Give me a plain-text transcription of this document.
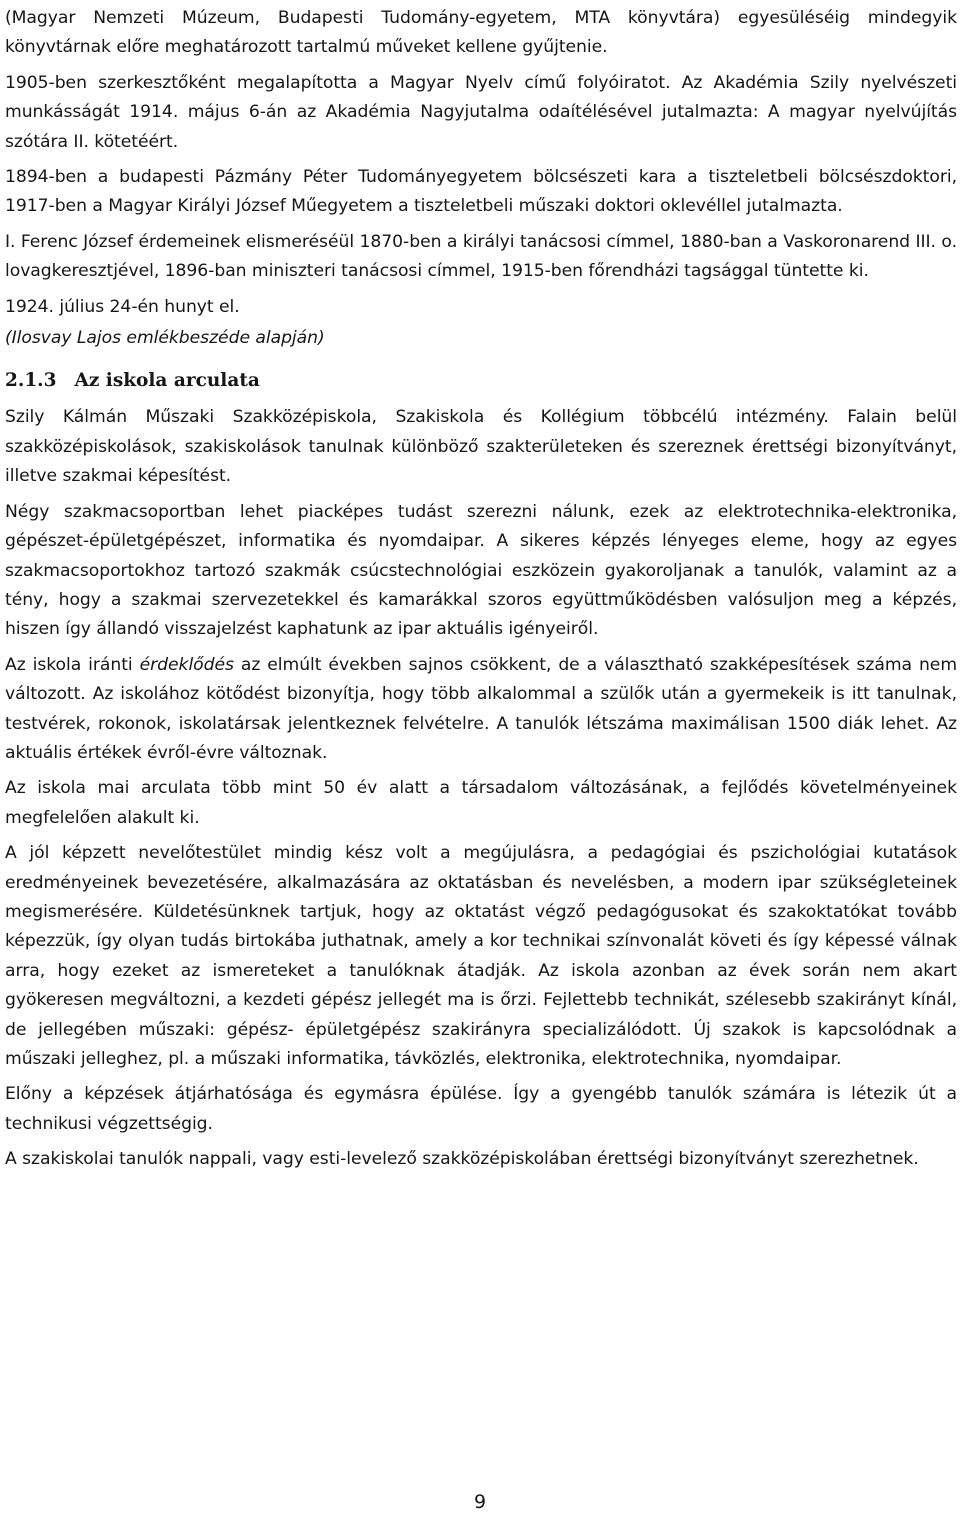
(Magyar Nemzeti Múzeum, Budapesti Tudomány-egyetem, MTA könyvtára) egyesüléséig mindegyik könyvtárnak előre meghatározott tartalmú műveket kellene gyűjtenie.

1905-ben szerkesztőként megalapította a Magyar Nyelv című folyóiratot. Az Akadémia Szily nyelvészeti munkásságát 1914. május 6-án az Akadémia Nagyjutalma odaítélésével jutalmazta: A magyar nyelvújítás szótára II. kötetéért.

1894-ben a budapesti Pázmány Péter Tudományegyetem bölcsészeti kara a tiszteletbeli bölcsészdoktori, 1917-ben a Magyar Királyi József Műegyetem a tiszteletbeli műszaki doktori oklevéllel jutalmazta.

I. Ferenc József érdemeinek elismeréséül 1870-ben a királyi tanácsosi címmel, 1880-ban a Vaskoronarend III. o. lovagkeresztjével, 1896-ban miniszteri tanácsosi címmel, 1915-ben főrendházi tagsággal tüntette ki.

1924. július 24-én hunyt el.

(Ilosvay Lajos emlékbeszéde alapján)

2.1.3 Az iskola arculata

Szily Kálmán Műszaki Szakközépiskola, Szakiskola és Kollégium többcélú intézmény. Falain belül szakközépiskolások, szakiskolások tanulnak különböző szakterületeken és szereznek érettségi bizonyítványt, illetve szakmai képesítést.

Négy szakmacsoportban lehet piacképes tudást szerezni nálunk, ezek az elektrotechnika-elektronika, gépészet-épületgépészet, informatika és nyomdaipar. A sikeres képzés lényeges eleme, hogy az egyes szakmacsoportokhoz tartozó szakmák csúcstechnológiai eszközein gyakoroljanak a tanulók, valamint az a tény, hogy a szakmai szervezetekkel és kamarákkal szoros együttműködésben valósuljon meg a képzés, hiszen így állandó visszajelzést kaphatunk az ipar aktuális igényeiről.

Az iskola iránti érdeklődés az elmúlt években sajnos csökkent, de a választható szakképesítések száma nem változott. Az iskolához kötődést bizonyítja, hogy több alkalommal a szülők után a gyermekeik is itt tanulnak, testvérek, rokonok, iskolatársak jelentkeznek felvételre. A tanulók létszáma maximálisan 1500 diák lehet. Az aktuális értékek évről-évre változnak.

Az iskola mai arculata több mint 50 év alatt a társadalom változásának, a fejlődés követelményeinek megfelelően alakult ki.

A jól képzett nevelőtestület mindig kész volt a megújulásra, a pedagógiai és pszichológiai kutatások eredményeinek bevezetésére, alkalmazására az oktatásban és nevelésben, a modern ipar szükségleteinek megismerésére. Küldetésünknek tartjuk, hogy az oktatást végző pedagógusokat és szakoktatókat tovább képezzük, így olyan tudás birtokába juthatnak, amely a kor technikai színvonalát követi és így képessé válnak arra, hogy ezeket az ismereteket a tanulóknak átadják. Az iskola azonban az évek során nem akart gyökeresen megváltozni, a kezdeti gépész jellegét ma is őrzi. Fejlettebb technikát, szélesebb szakirányt kínál, de jellegében műszaki: gépész- épületgépész szakirányra specializálódott. Új szakok is kapcsolódnak a műszaki jelleghez, pl. a műszaki informatika, távközlés, elektronika, elektrotechnika, nyomdaipar.

Előny a képzések átjárhatósága és egymásra épülése. Így a gyengébb tanulók számára is létezik út a technikusi végzettségig.

A szakiskolai tanulók nappali, vagy esti-levelező szakközépiskolában érettségi bizonyítványt szerezhetnek.

9
